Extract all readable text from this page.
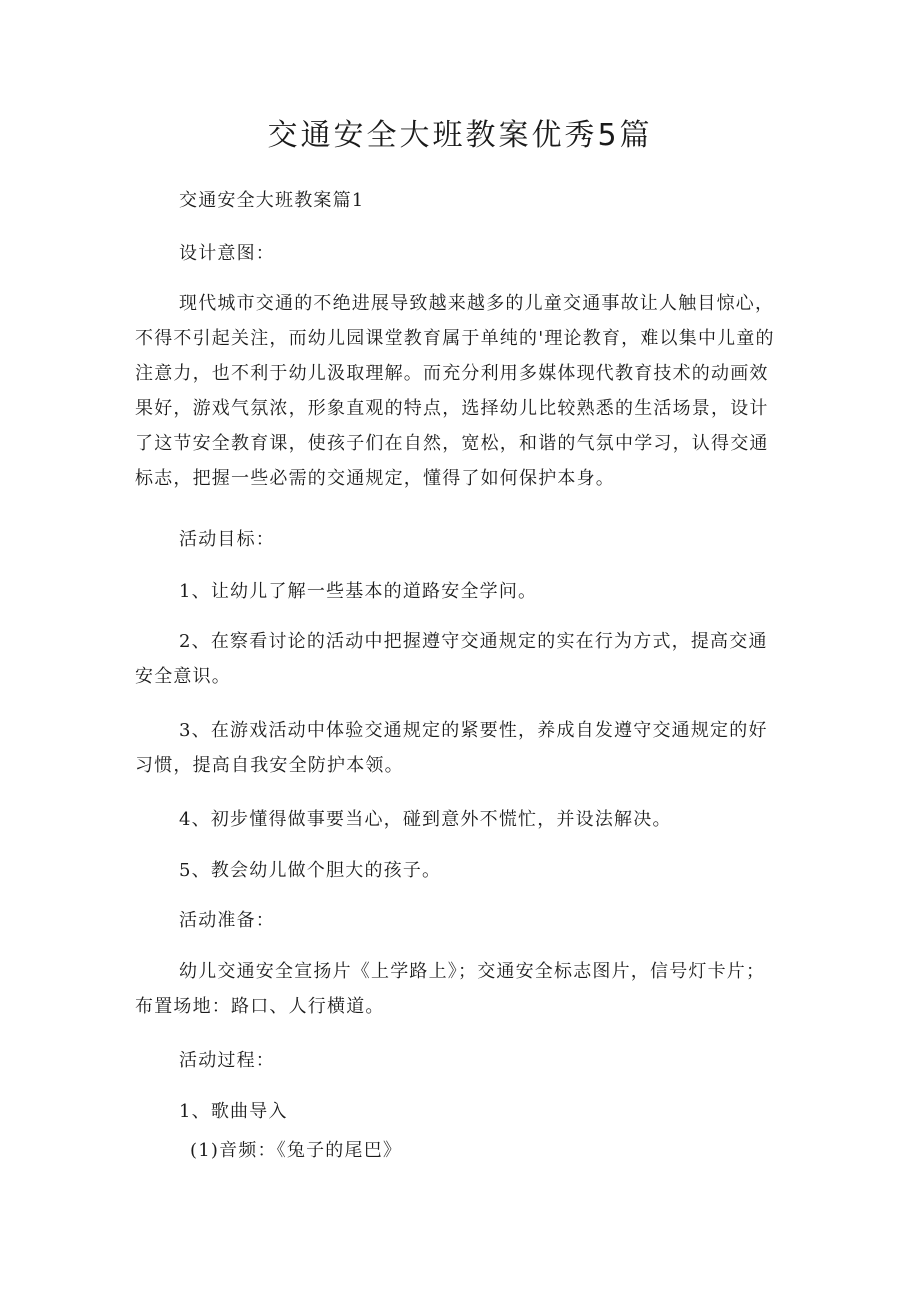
交通安全大班教案优秀5篇

交通安全大班教案篇1

设计意图：

现代城市交通的不绝进展导致越来越多的儿童交通事故让人触目惊心，
不得不引起关注，而幼儿园课堂教育属于单纯的'理论教育，难以集中儿童的
注意力，也不利于幼儿汲取理解。而充分利用多媒体现代教育技术的动画效
果好，游戏气氛浓，形象直观的特点，选择幼儿比较熟悉的生活场景，设计
了这节安全教育课，使孩子们在自然，宽松，和谐的气氛中学习，认得交通
标志，把握一些必需的交通规定，懂得了如何保护本身。

活动目标：

1、让幼儿了解一些基本的道路安全学问。

2、在察看讨论的活动中把握遵守交通规定的实在行为方式，提高交通
安全意识。

3、在游戏活动中体验交通规定的紧要性，养成自发遵守交通规定的好
习惯，提高自我安全防护本领。

4、初步懂得做事要当心，碰到意外不慌忙，并设法解决。

5、教会幼儿做个胆大的孩子。

活动准备：

幼儿交通安全宣扬片《上学路上》；交通安全标志图片，信号灯卡片；
布置场地：路口、人行横道。

活动过程：

1、歌曲导入

(1)音频：《兔子的尾巴》
